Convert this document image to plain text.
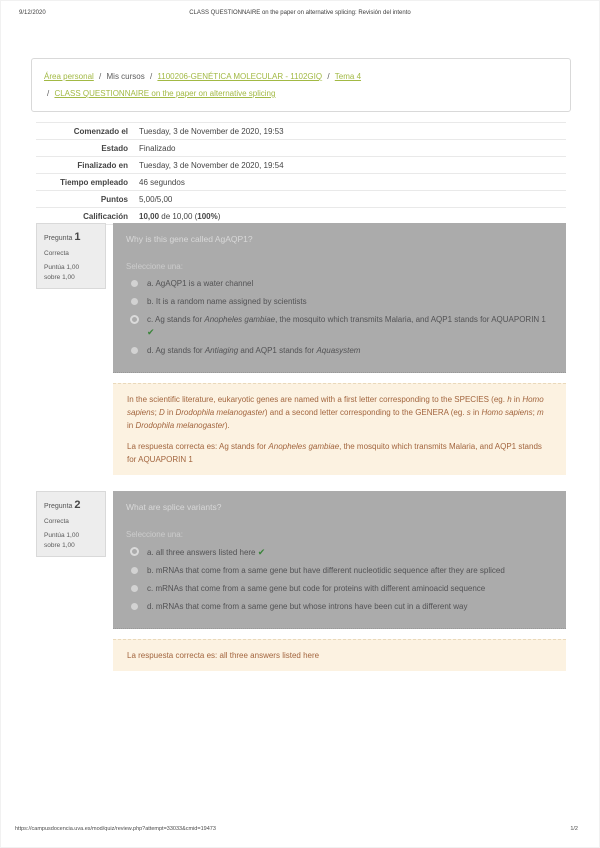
9/12/2020	CLASS QUESTIONNAIRE on the paper on alternative splicing: Revisión del intento
Área personal / Mis cursos / 1100206-GENÉTICA MOLECULAR - 1102GIQ / Tema 4 / CLASS QUESTIONNAIRE on the paper on alternative splicing
Comenzado el	Tuesday, 3 de November de 2020, 19:53
Estado	Finalizado
Finalizado en	Tuesday, 3 de November de 2020, 19:54
Tiempo empleado	46 segundos
Puntos	5,00/5,00
Calificación	10,00 de 10,00 (100%)
Pregunta 1
Correcta
Puntúa 1,00
sobre 1,00
Why is this gene called AgAQP1?
Seleccione una:
a. AgAQP1 is a water channel
b. It is a random name assigned by scientists
c. Ag stands for Anopheles gambiae, the mosquito which transmits Malaria, and AQP1 stands for AQUAPORIN 1 ✔
d. Ag stands for Antiaging and AQP1 stands for Aquasystem

In the scientific literature, eukaryotic genes are named with a first letter corresponding to the SPECIES (eg. h in Homo sapiens; D in Drodophila melanogaster) and a second letter corresponding to the GENERA (eg. s in Homo sapiens; m in Drodophila melanogaster).

La respuesta correcta es: Ag stands for Anopheles gambiae, the mosquito which transmits Malaria, and AQP1 stands for AQUAPORIN 1

Pregunta 2
Correcta
Puntúa 1,00
sobre 1,00
What are splice variants?
Seleccione una:
a. all three answers listed here ✔
b. mRNAs that come from a same gene but have different nucleotidic sequence after they are spliced
c. mRNAs that come from a same gene but code for proteins with different aminoacid sequence
d. mRNAs that come from a same gene but whose introns have been cut in a different way

La respuesta correcta es: all three answers listed here

https://campusdocencia.uva.es/mod/quiz/review.php?attempt=33033&cmid=19473	1/2
